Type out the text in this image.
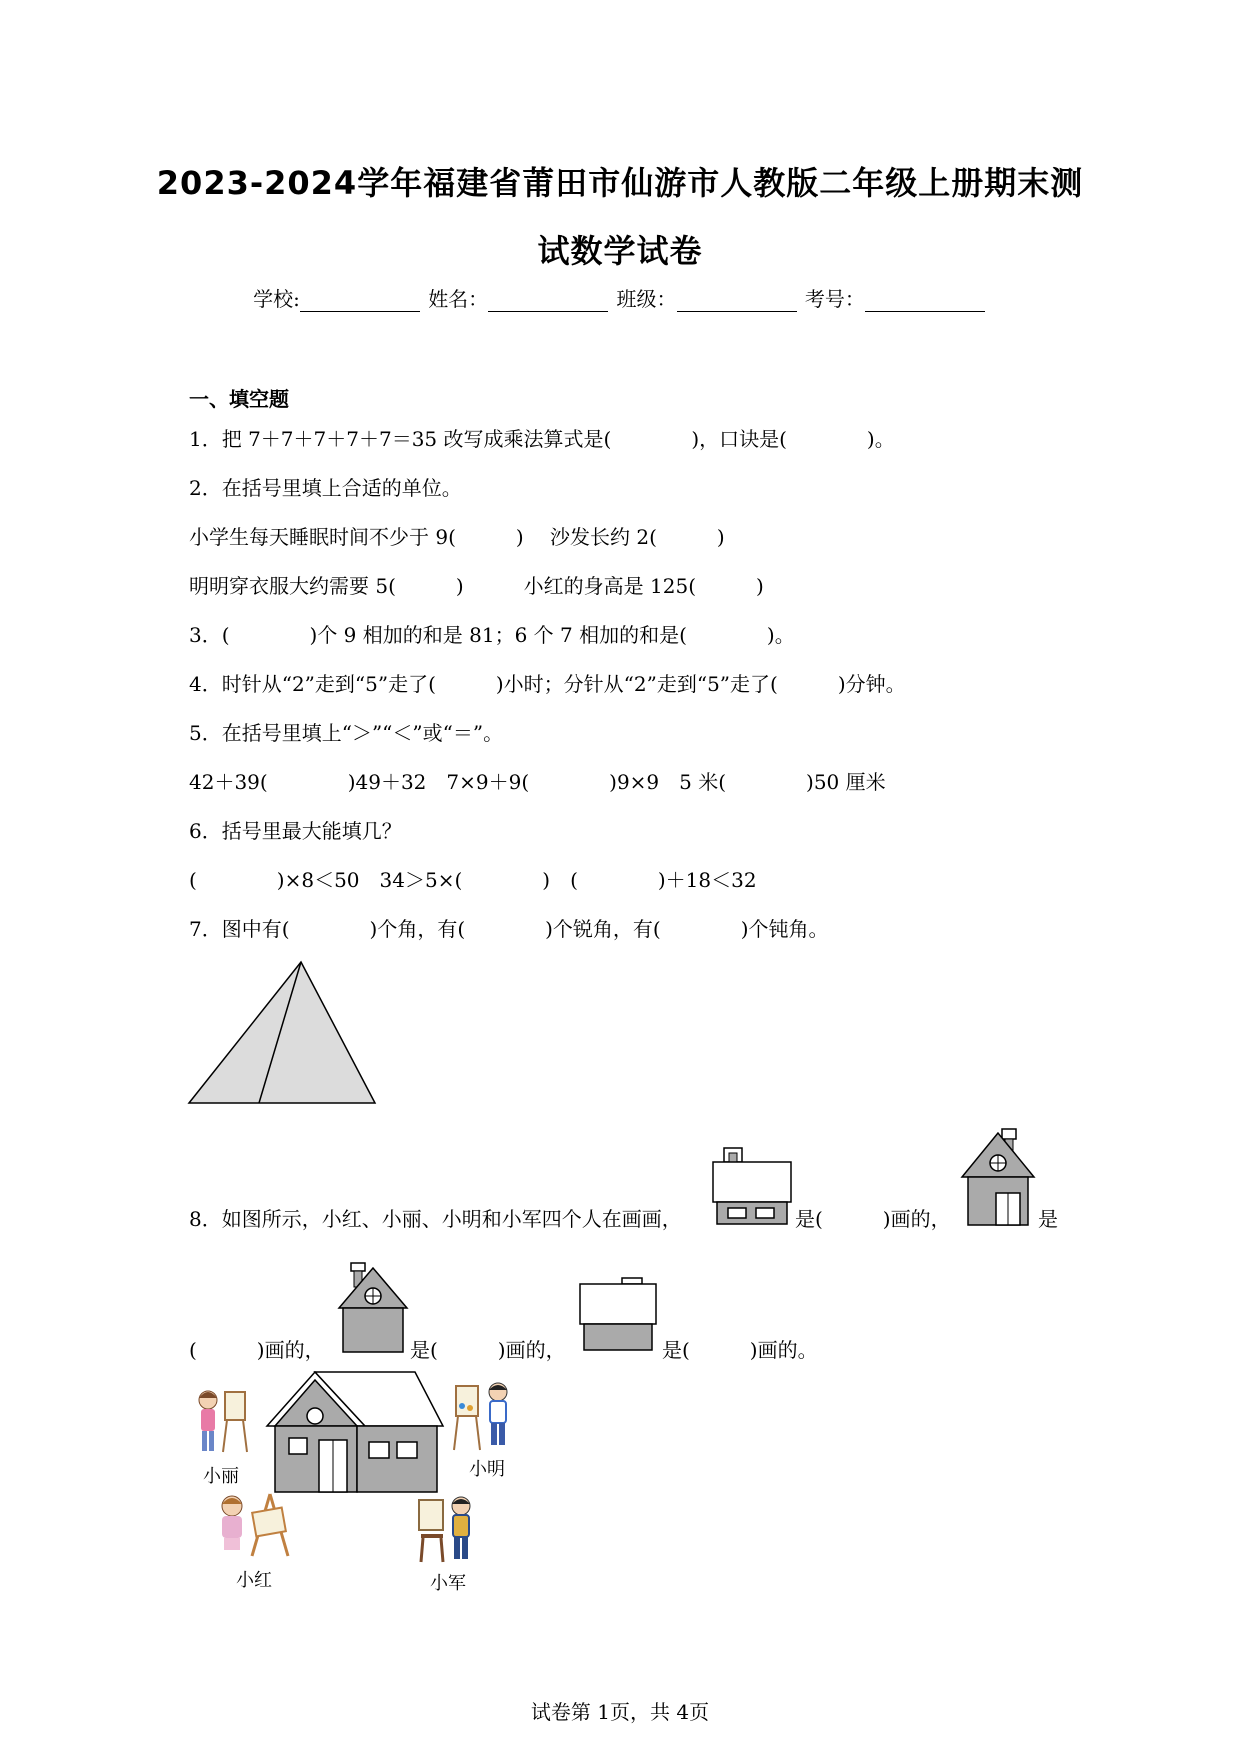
2023-2024学年福建省莆田市仙游市人教版二年级上册期末测
试数学试卷
学校:	姓名：	班级：	考号：
一、填空题
1．把 7＋7＋7＋7＋7＝35 改写成乘法算式是(　　　　)，口诀是(　　　　)。
2．在括号里填上合适的单位。
小学生每天睡眠时间不少于 9(　　　)　 沙发长约 2(　　　)
明明穿衣服大约需要 5(　　　)　　　小红的身高是 125(　　　)
3．(　　　　)个 9 相加的和是 81；6 个 7 相加的和是(　　　　)。
4．时针从“2”走到“5”走了(　　　)小时；分针从“2”走到“5”走了(　　　)分钟。
5．在括号里填上“＞”“＜”或“＝”。
42＋39(　　　　)49＋32　7×9＋9(　　　　)9×9　5 米(　　　　)50 厘米
6．括号里最大能填几？
(　　　　)×8＜50　34＞5×(　　　　)　(　　　　)＋18＜32
7．图中有(　　　　)个角，有(　　　　)个锐角，有(　　　　)个钝角。
8．如图所示，小红、小丽、小明和小军四个人在画画，	是(　　　)画的，	是
(　　　)画的，	是(　　　)画的，	是(　　　)画的。
小丽	小明
小红	小军
试卷第 1页，共 4页
